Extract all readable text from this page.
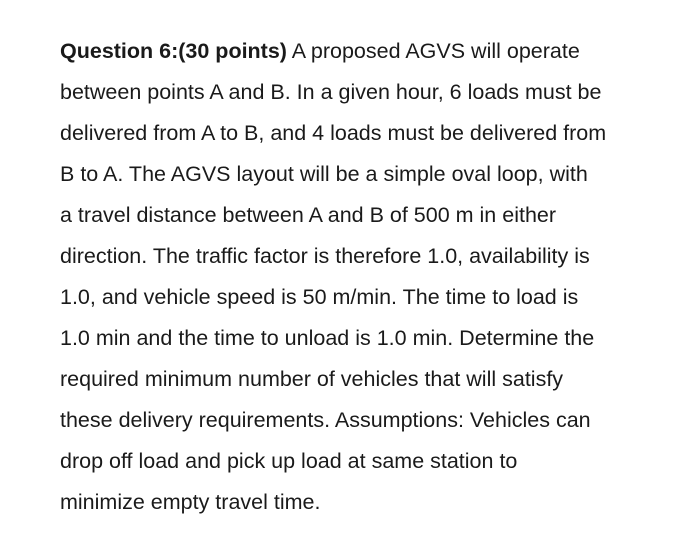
Question 6:(30 points) A proposed AGVS will operate
between points A and B. In a given hour, 6 loads must be
delivered from A to B, and 4 loads must be delivered from
B to A. The AGVS layout will be a simple oval loop, with
a travel distance between A and B of 500 m in either
direction. The traffic factor is therefore 1.0, availability is
1.0, and vehicle speed is 50 m/min. The time to load is
1.0 min and the time to unload is 1.0 min. Determine the
required minimum number of vehicles that will satisfy
these delivery requirements. Assumptions: Vehicles can
drop off load and pick up load at same station to
minimize empty travel time.
